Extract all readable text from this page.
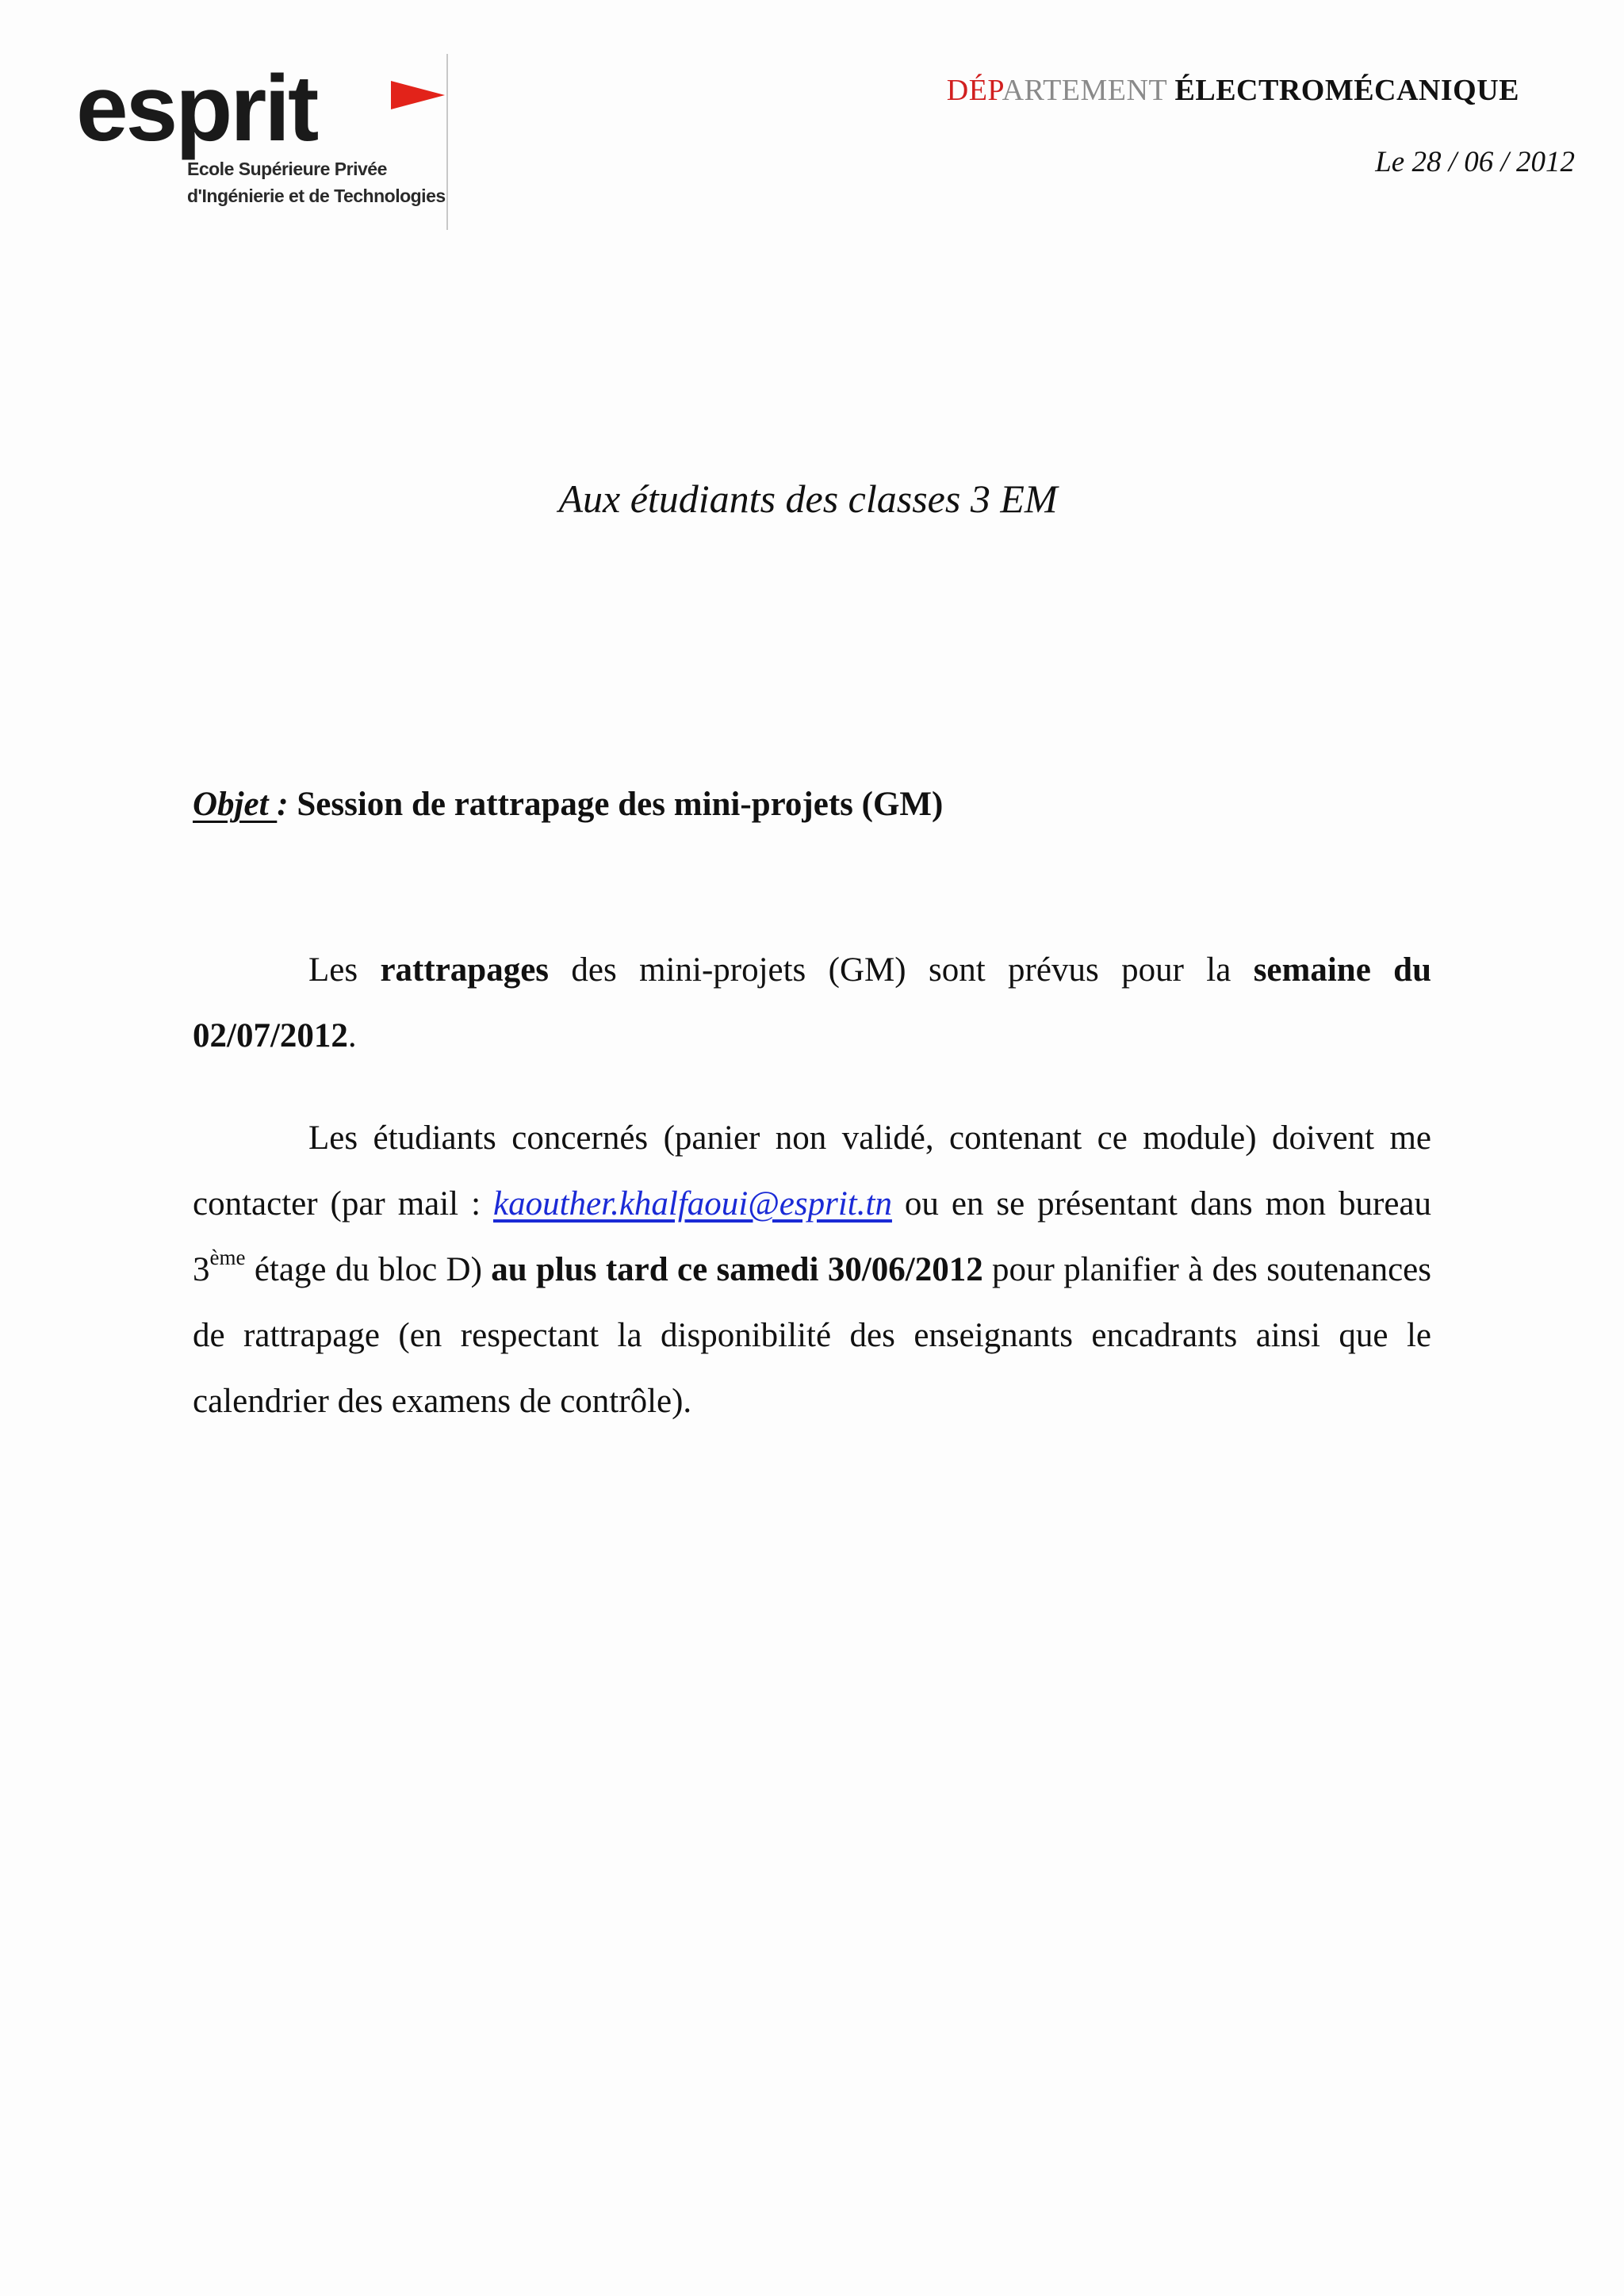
esprit
Ecole Supérieure Privée
d'Ingénierie et de Technologies
DÉPARTEMENT ÉLECTROMÉCANIQUE
Le 28 / 06 / 2012
Aux étudiants des classes 3 EM
Objet : Session de rattrapage des mini-projets (GM)
Les rattrapages des mini-projets (GM) sont prévus pour la semaine du 02/07/2012.
Les étudiants concernés (panier non validé, contenant ce module) doivent me contacter (par mail : kaouther.khalfaoui@esprit.tn ou en se présentant dans mon bureau 3ème étage du bloc D) au plus tard ce samedi 30/06/2012 pour planifier à des soutenances de rattrapage (en respectant la disponibilité des enseignants encadrants ainsi que le calendrier des examens de contrôle).
